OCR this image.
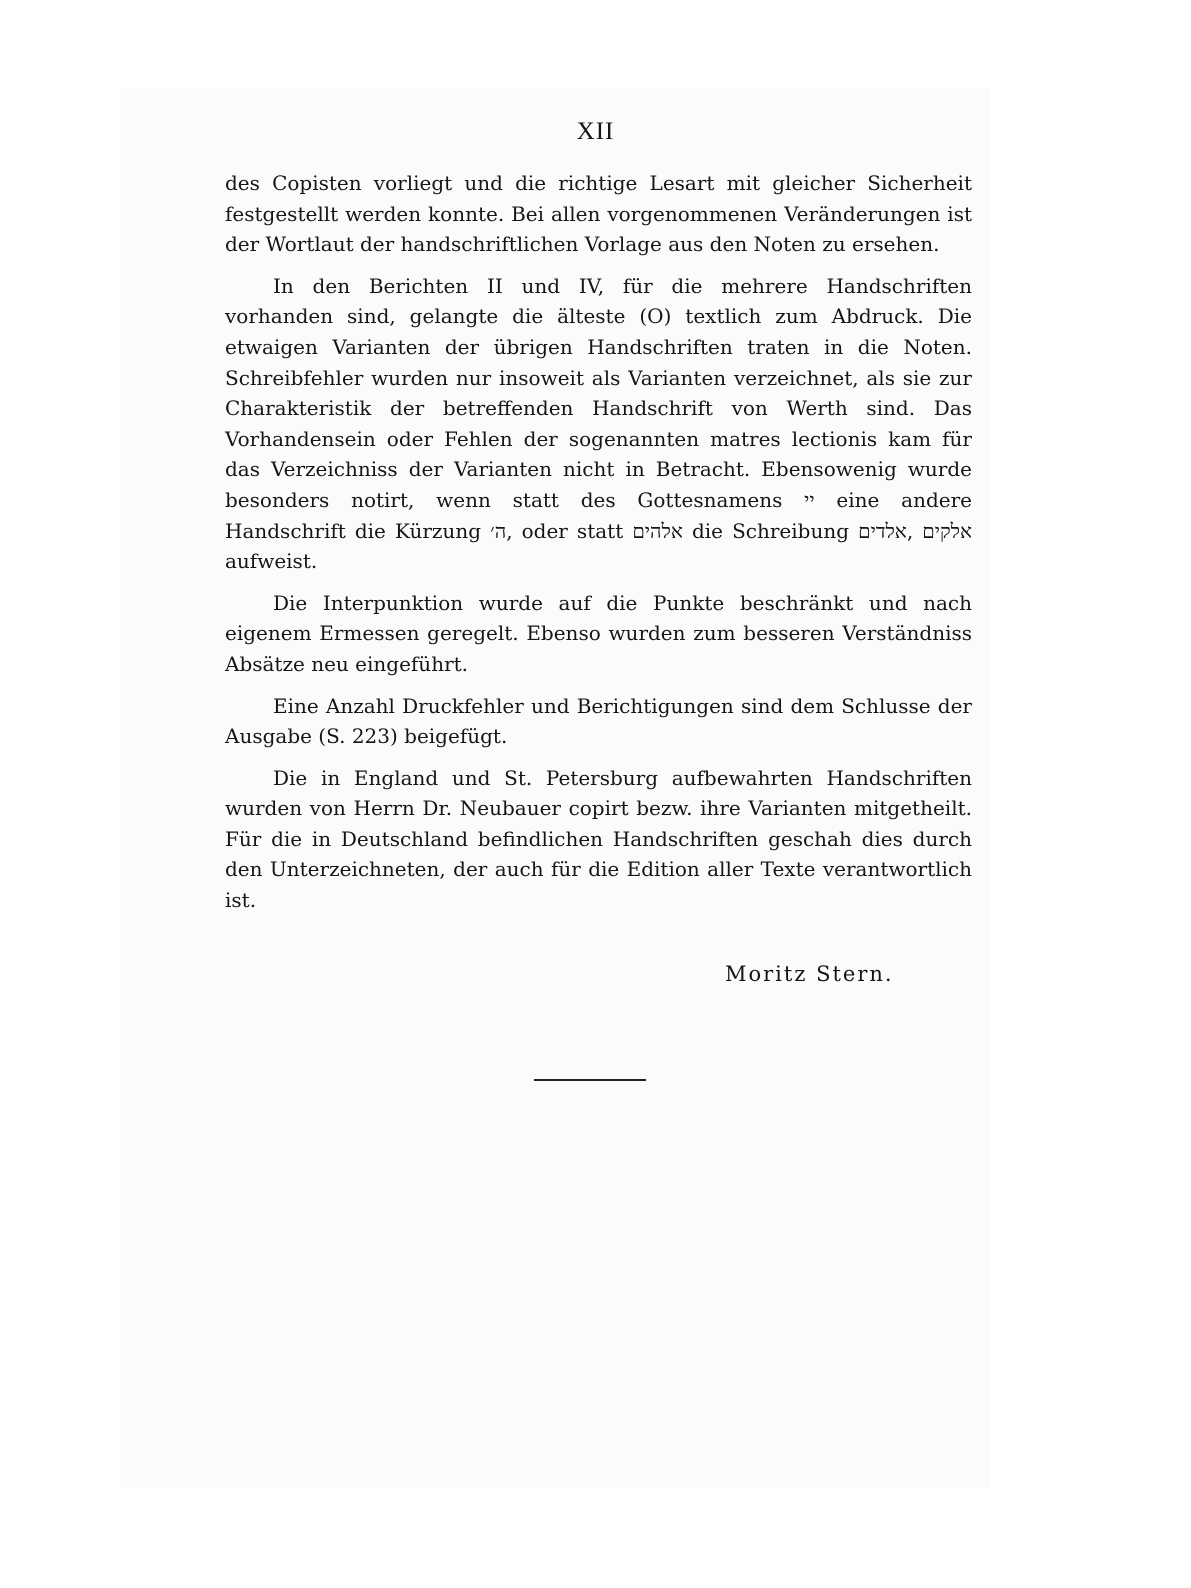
XII

des Copisten vorliegt und die richtige Lesart mit gleicher Sicherheit festgestellt werden konnte. Bei allen vorgenommenen Veränderungen ist der Wortlaut der handschriftlichen Vorlage aus den Noten zu ersehen.

In den Berichten II und IV, für die mehrere Handschriften vorhanden sind, gelangte die älteste (O) textlich zum Abdruck. Die etwaigen Varianten der übrigen Handschriften traten in die Noten. Schreibfehler wurden nur insoweit als Varianten verzeichnet, als sie zur Charakteristik der betreffenden Handschrift von Werth sind. Das Vorhandensein oder Fehlen der sogenannten matres lectionis kam für das Verzeichniss der Varianten nicht in Betracht. Ebensowenig wurde besonders notirt, wenn statt des Gottesnamens יי eine andere Handschrift die Kürzung ה׳, oder statt אלהים die Schreibung אלדים, אלקים aufweist.

Die Interpunktion wurde auf die Punkte beschränkt und nach eigenem Ermessen geregelt. Ebenso wurden zum besseren Verständniss Absätze neu eingeführt.

Eine Anzahl Druckfehler und Berichtigungen sind dem Schlusse der Ausgabe (S. 223) beigefügt.

Die in England und St. Petersburg aufbewahrten Handschriften wurden von Herrn Dr. Neubauer copirt bezw. ihre Varianten mitgetheilt. Für die in Deutschland befindlichen Handschriften geschah dies durch den Unterzeichneten, der auch für die Edition aller Texte verantwortlich ist.

Moritz Stern.
